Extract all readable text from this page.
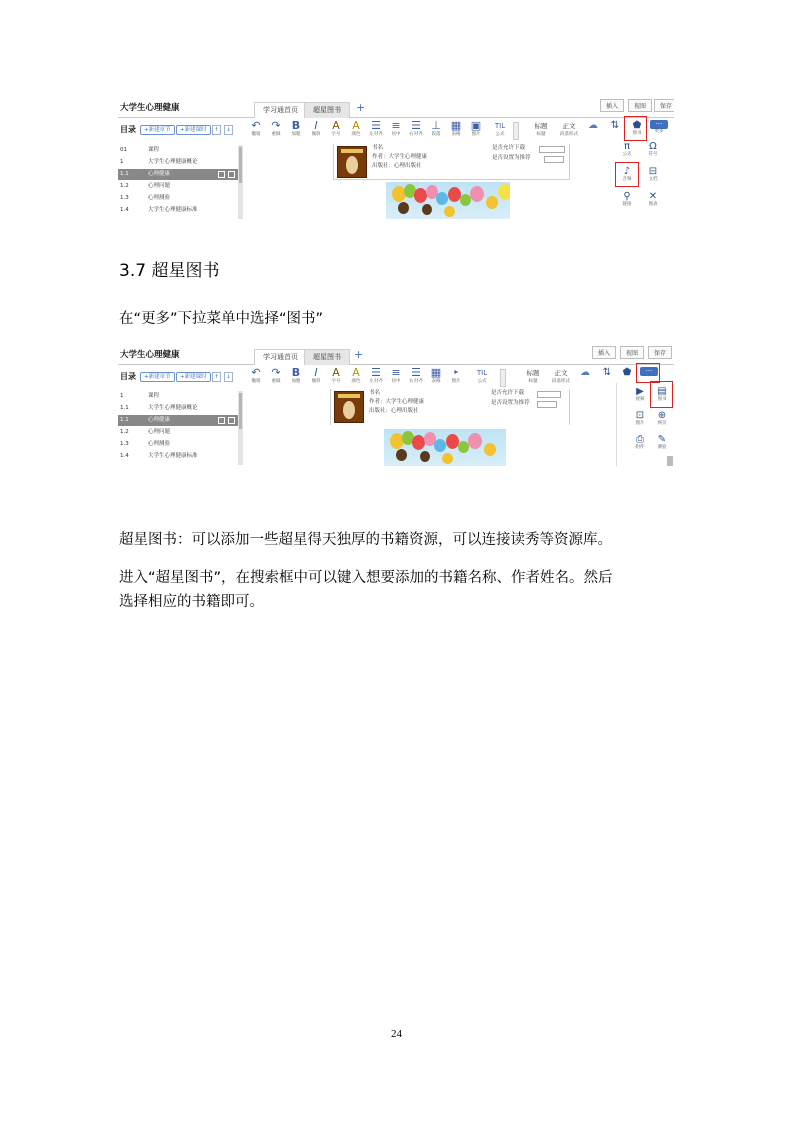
大学生心理健康	学习通首页	超星图书	+	插入	视图	保存
目录	+新建章节	+新建课时	↑	↓
01	课程
1	大学生心理健康概论
1.1	心理健康
1.2	心理问题
1.3	心理测验
1.4	大学生心理健康标准
↶
撤销
↷
重做
B
加粗
I
倾斜
A
字号
A
颜色
☰
左对齐
≡
居中
☰
右对齐
⊥
段落
▦
表格
▣
图片
TIL
公式
标题
标题
正文
段落样式
☁	⇅	⬟
图书
···
更多
π
公式
Ω
符号
♪
音频
⊟
文档
⚲
链接
✕
图表
书名
作者：大学生心理健康
出版社：心理出版社
是否允许下载
是否设置为推荐
3.7 超星图书
在“更多”下拉菜单中选择“图书”
大学生心理健康	学习通首页	超星图书	+	插入	视图	保存
目录	+新建章节	+新建课时	↑	↓
1	课程
1.1	大学生心理健康概论
1.1	心理健康
1.2	心理问题
1.3	心理测验
1.4	大学生心理健康标准
↶
撤销
↷
重做
B
加粗
I
倾斜
A
字号
A
颜色
☰
左对齐
≡
居中
☰
右对齐
▦
表格
‣
图片
TIL
公式
标题
标题
正文
段落样式
☁	⇅	⬟	···
▶
视频
▤
图书
⊡
图片
⊕
网页
⎙
附件
✎
测验
书名
作者：大学生心理健康
出版社：心理出版社
是否允许下载
是否设置为推荐
超星图书：可以添加一些超星得天独厚的书籍资源，可以连接读秀等资源库。
进入“超星图书”，在搜索框中可以键入想要添加的书籍名称、作者姓名。然后
选择相应的书籍即可。
24
